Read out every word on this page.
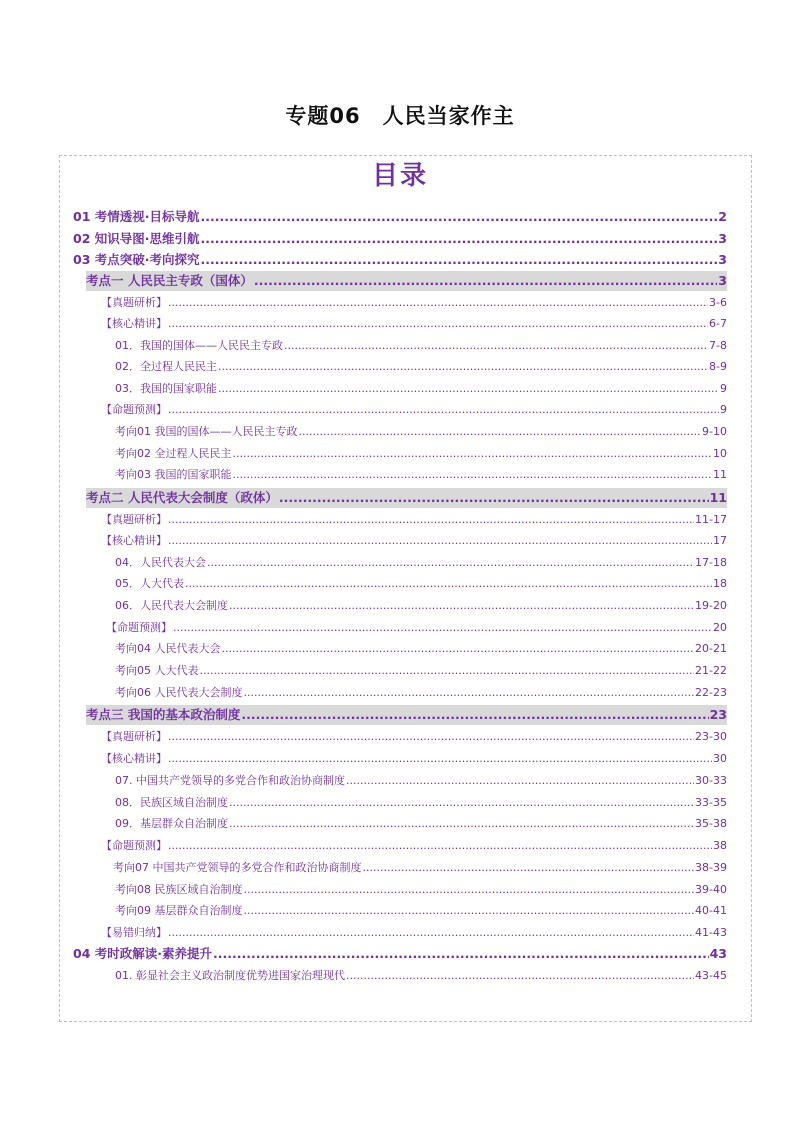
专题06　人民当家作主
目录
01 考情透视·目标导航 .....	2
02 知识导图·思维引航 .....	3
03 考点突破·考向探究 .....	3
考点一 人民民主专政（国体） .....	3
【真题研析】 .....	3-6
【核心精讲】 .....	6-7
01．我国的国体——人民民主专政 .....	7-8
02．全过程人民民主 .....	8-9
03．我国的国家职能 .....	9
【命题预测】 .....	9
考向01 我国的国体——人民民主专政 .....	9-10
考向02 全过程人民民主 .....	10
考向03 我国的国家职能 .....	11
考点二 人民代表大会制度（政体） .....	11
【真题研析】 .....	11-17
【核心精讲】 .....	17
04．人民代表大会 .....	17-18
05．人大代表 .....	18
06．人民代表大会制度 .....	19-20
【命题预测】 .....	20
考向04 人民代表大会 .....	20-21
考向05 人大代表 .....	21-22
考向06 人民代表大会制度 .....	22-23
考点三 我国的基本政治制度 .....	23
【真题研析】 .....	23-30
【核心精讲】 .....	30
07. 中国共产党领导的多党合作和政治协商制度 .....	30-33
08．民族区域自治制度 .....	33-35
09．基层群众自治制度 .....	35-38
【命题预测】 .....	38
考向07 中国共产党领导的多党合作和政治协商制度 .....	38-39
考向08 民族区域自治制度 .....	39-40
考向09 基层群众自治制度 .....	40-41
【易错归纳】 .....	41-43
04 考时政解读·素养提升 .....	43
01. 彰显社会主义政治制度优势进国家治理现代 .....	43-45
